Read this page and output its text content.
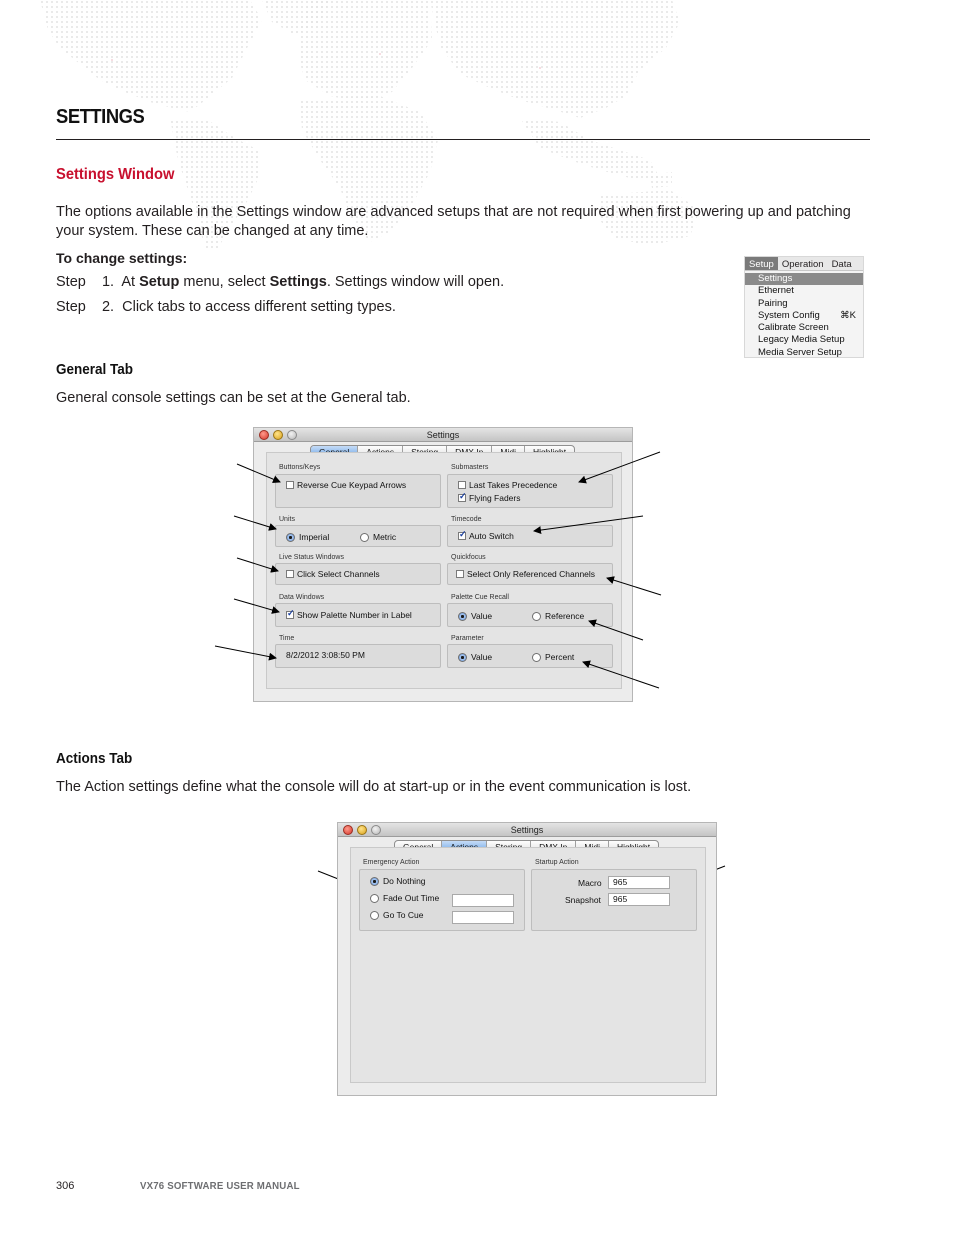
SETTINGS
Settings Window
The options available in the Settings window are advanced setups that are not required when first powering up and patching your system. These can be changed at any time.
To change settings:
Step 1. At Setup menu, select Settings. Settings window will open.
Step 2. Click tabs to access different setting types.
Setup Operation Data
Settings
Ethernet
Pairing
System Config ⌘K
Calibrate Screen
Legacy Media Setup
Media Server Setup
General Tab
General console settings can be set at the General tab.
Settings
Buttons/Keys
Reverse Cue Keypad Arrows
Submasters
Last Takes Precedence
✓
Flying Faders
Units
Imperial	Metric
Timecode
✓
Auto Switch
Live Status Windows
Click Select Channels
Quickfocus
Select Only Referenced Channels
Data Windows
✓
Show Palette Number in Label
Palette Cue Recall
Value	Reference
Time
8/2/2012 3:08:50 PM
Parameter
Value	Percent
Actions Tab
The Action settings define what the console will do at start-up or in the event communication is lost.
Settings
Emergency Action
Do Nothing
Fade Out Time
Go To Cue
Startup Action
Macro	965
Snapshot	965
306	VX76 SOFTWARE USER MANUAL
